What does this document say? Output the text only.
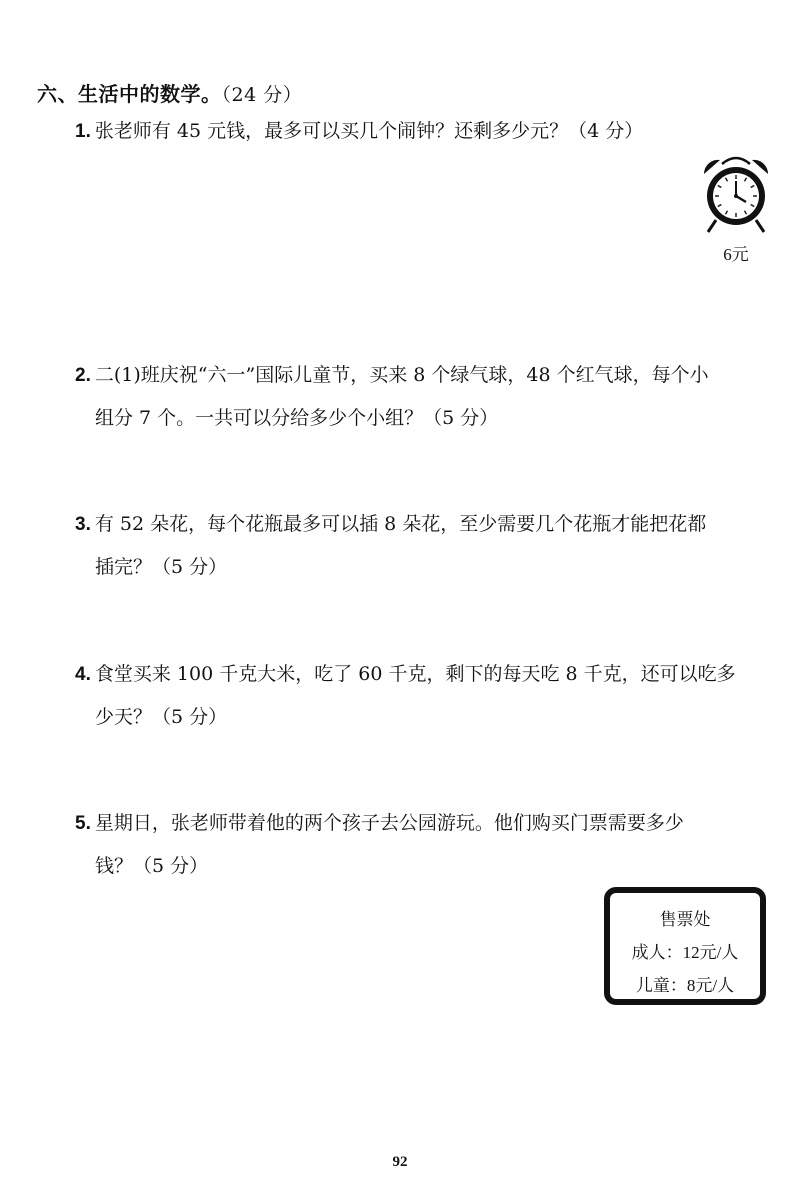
六、生活中的数学。（24 分）
1. 张老师有 45 元钱，最多可以买几个闹钟？还剩多少元？（4 分）
6元
2. 二(1)班庆祝“六一”国际儿童节，买来 8 个绿气球，48 个红气球，每个小
组分 7 个。一共可以分给多少个小组？（5 分）
3. 有 52 朵花，每个花瓶最多可以插 8 朵花，至少需要几个花瓶才能把花都
插完？（5 分）
4. 食堂买来 100 千克大米，吃了 60 千克，剩下的每天吃 8 千克，还可以吃多
少天？（5 分）
5. 星期日，张老师带着他的两个孩子去公园游玩。他们购买门票需要多少
钱？（5 分）
售票处
成人：12元/人
儿童：8元/人
92
